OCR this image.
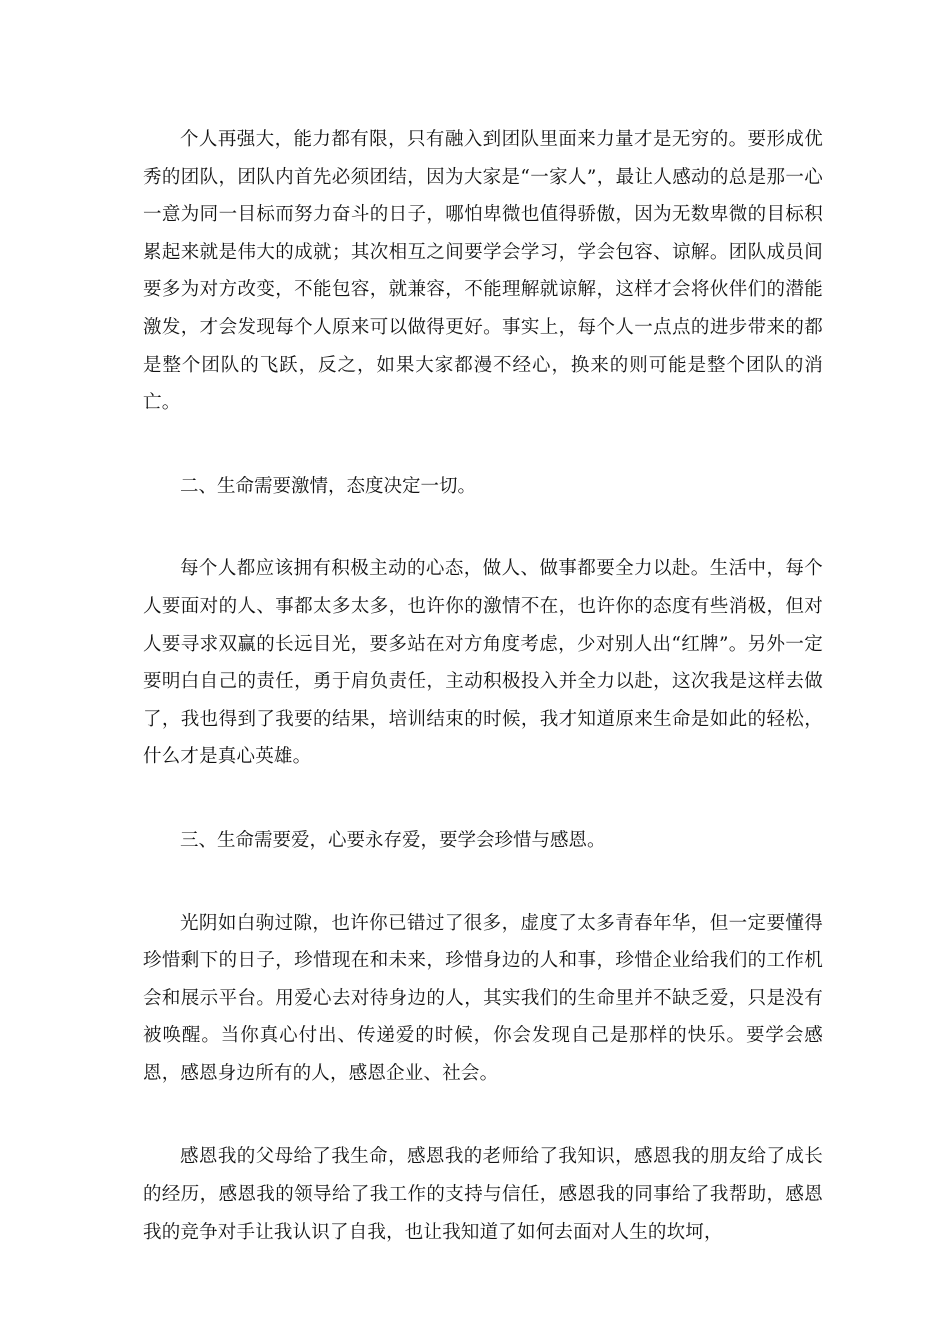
个人再强大，能力都有限，只有融入到团队里面来力量才是无穷的。要形成优秀的团队，团队内首先必须团结，因为大家是“一家人”，最让人感动的总是那一心一意为同一目标而努力奋斗的日子，哪怕卑微也值得骄傲，因为无数卑微的目标积累起来就是伟大的成就；其次相互之间要学会学习，学会包容、谅解。团队成员间要多为对方改变，不能包容，就兼容，不能理解就谅解，这样才会将伙伴们的潜能激发，才会发现每个人原来可以做得更好。事实上，每个人一点点的进步带来的都是整个团队的飞跃，反之，如果大家都漫不经心，换来的则可能是整个团队的消亡。

二、生命需要激情，态度决定一切。

每个人都应该拥有积极主动的心态，做人、做事都要全力以赴。生活中，每个人要面对的人、事都太多太多，也许你的激情不在，也许你的态度有些消极，但对人要寻求双赢的长远目光，要多站在对方角度考虑，少对别人出“红牌”。另外一定要明白自己的责任，勇于肩负责任，主动积极投入并全力以赴，这次我是这样去做了，我也得到了我要的结果，培训结束的时候，我才知道原来生命是如此的轻松，什么才是真心英雄。

三、生命需要爱，心要永存爱，要学会珍惜与感恩。

光阴如白驹过隙，也许你已错过了很多，虚度了太多青春年华，但一定要懂得珍惜剩下的日子，珍惜现在和未来，珍惜身边的人和事，珍惜企业给我们的工作机会和展示平台。用爱心去对待身边的人，其实我们的生命里并不缺乏爱，只是没有被唤醒。当你真心付出、传递爱的时候，你会发现自己是那样的快乐。要学会感恩，感恩身边所有的人，感恩企业、社会。

感恩我的父母给了我生命，感恩我的老师给了我知识，感恩我的朋友给了成长的经历，感恩我的领导给了我工作的支持与信任，感恩我的同事给了我帮助，感恩我的竞争对手让我认识了自我，也让我知道了如何去面对人生的坎坷，
